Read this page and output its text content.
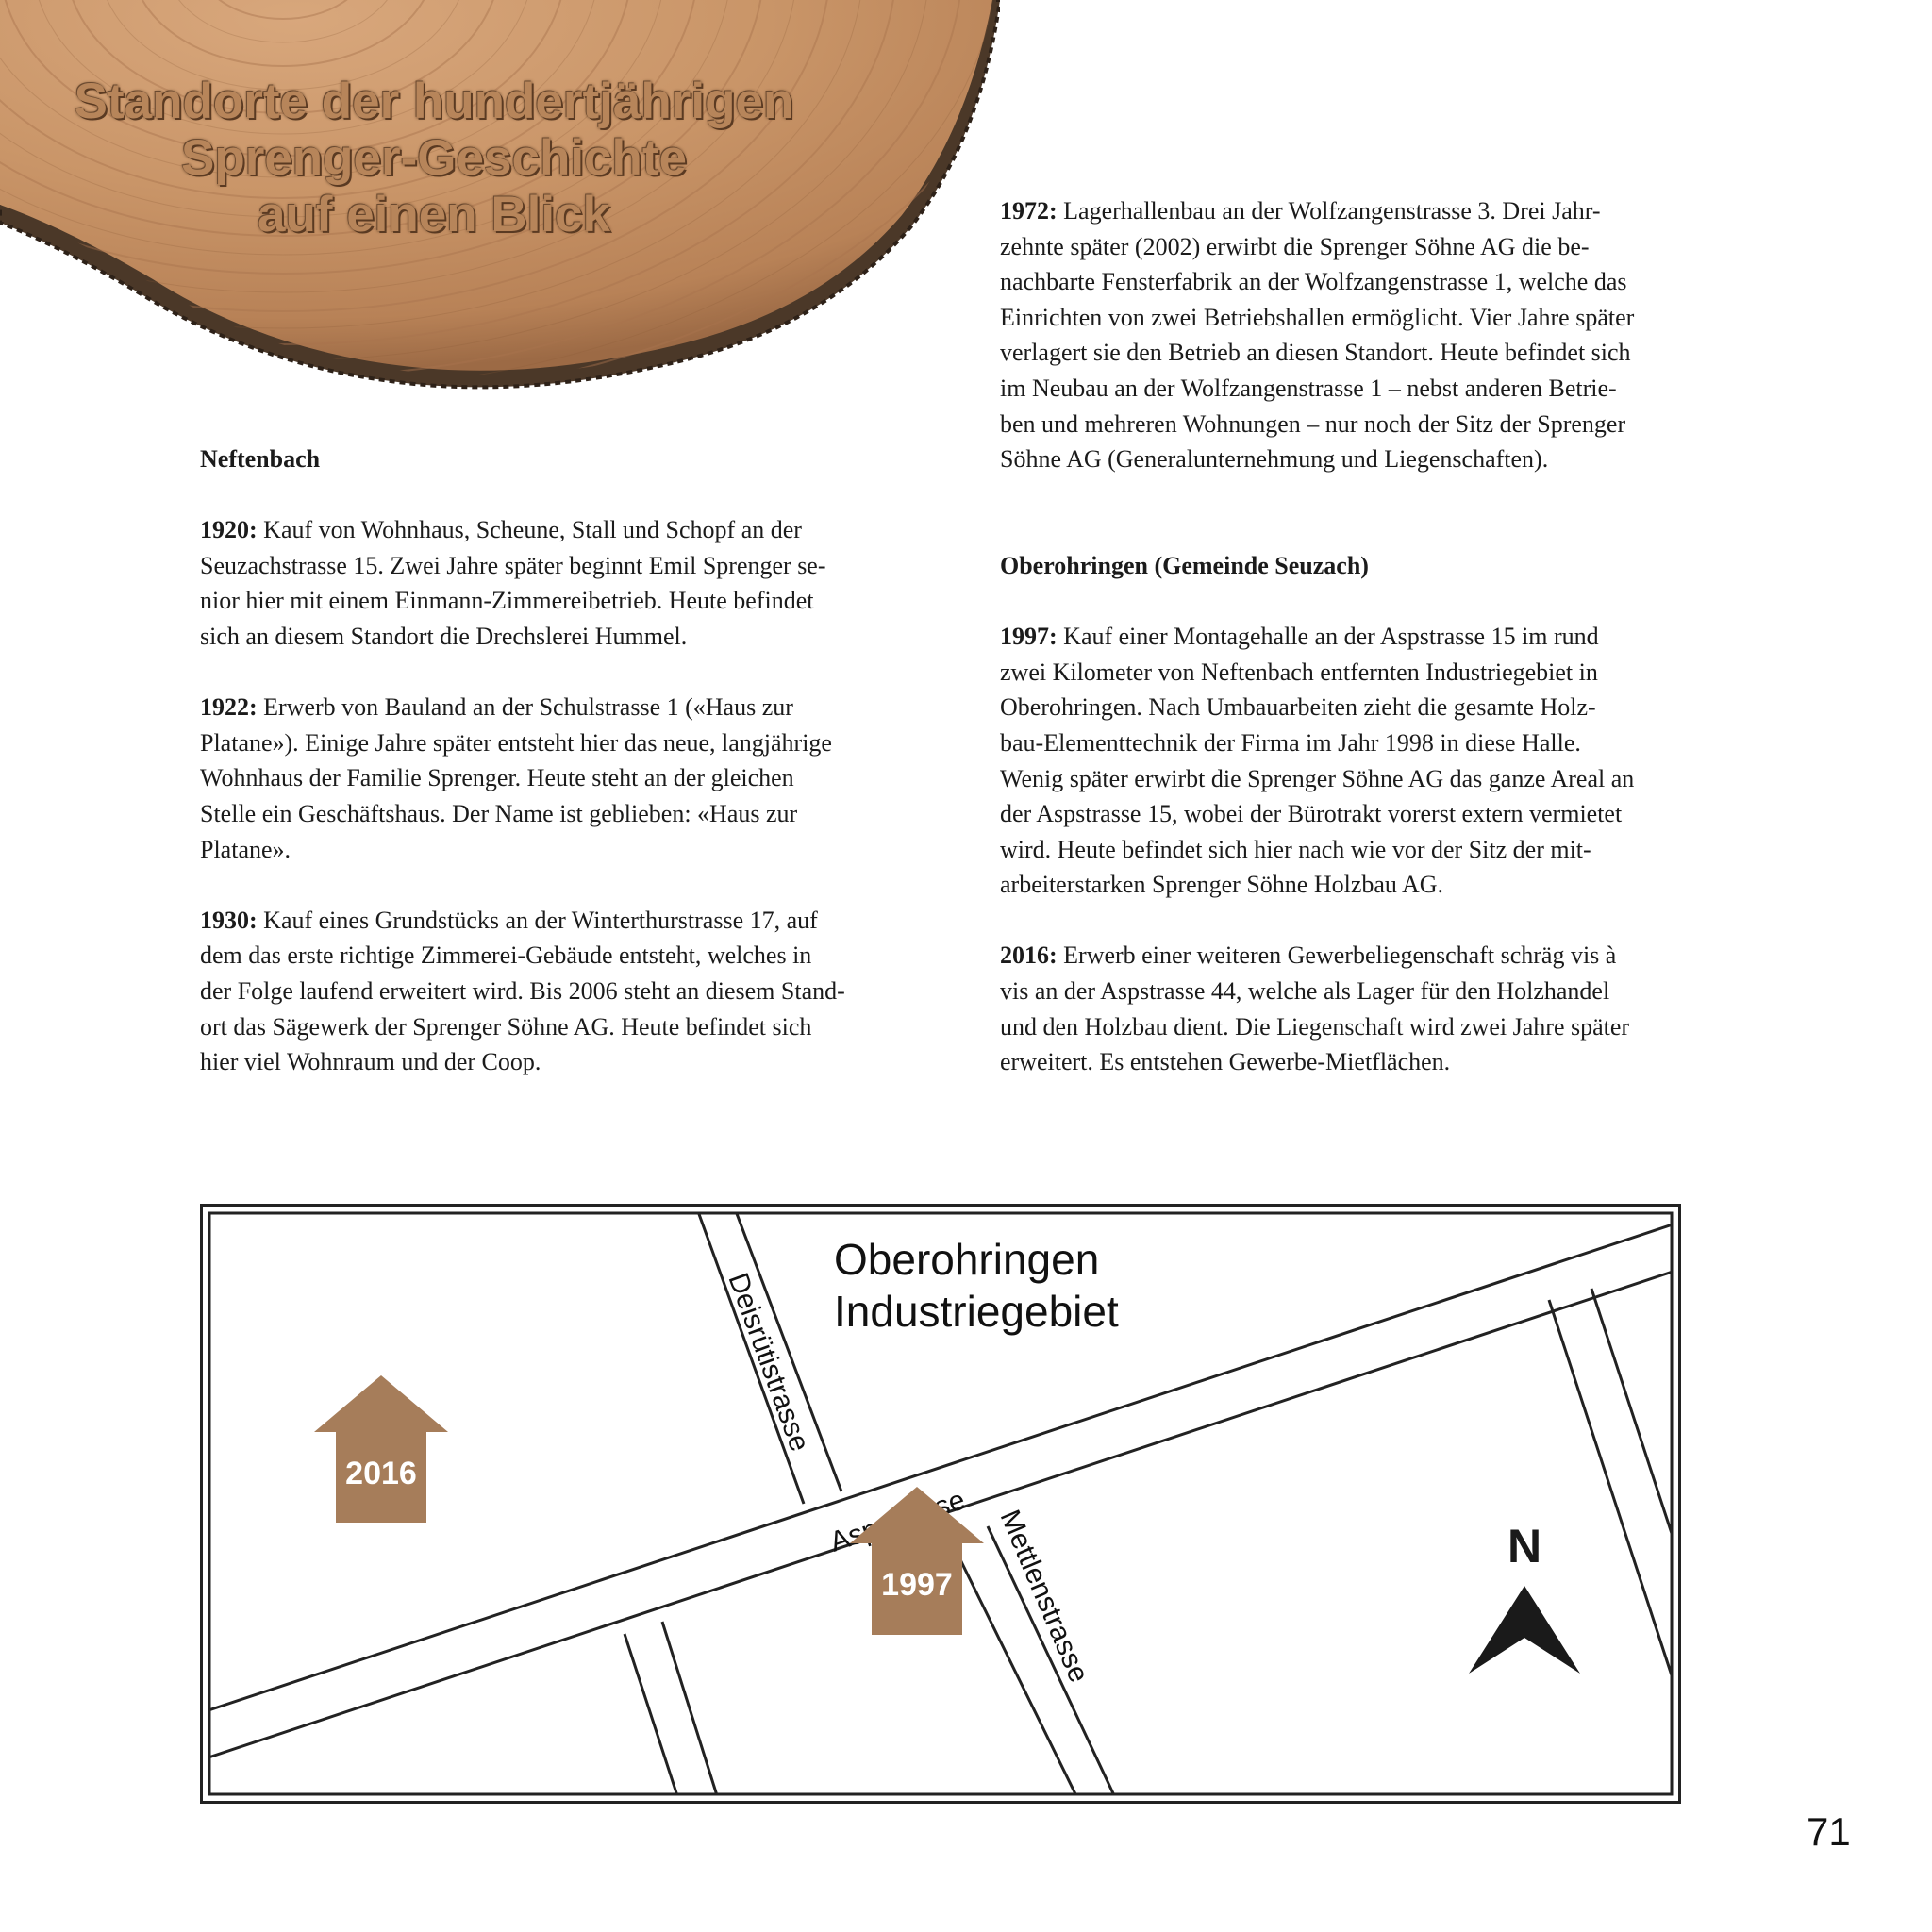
Standorte der hundertjährigen
Sprenger-Geschichte
auf einen Blick

Neftenbach

1920: Kauf von Wohnhaus, Scheune, Stall und Schopf an der
Seuzachstrasse 15. Zwei Jahre später beginnt Emil Sprenger se-
nior hier mit einem Einmann-Zimmereibetrieb. Heute befindet
sich an diesem Standort die Drechslerei Hummel.

1922: Erwerb von Bauland an der Schulstrasse 1 («Haus zur
Platane»). Einige Jahre später entsteht hier das neue, langjährige
Wohnhaus der Familie Sprenger. Heute steht an der gleichen
Stelle ein Geschäftshaus. Der Name ist geblieben: «Haus zur
Platane».

1930: Kauf eines Grundstücks an der Winterthurstrasse 17, auf
dem das erste richtige Zimmerei-Gebäude entsteht, welches in
der Folge laufend erweitert wird. Bis 2006 steht an diesem Stand-
ort das Sägewerk der Sprenger Söhne AG. Heute befindet sich
hier viel Wohnraum und der Coop.

1972: Lagerhallenbau an der Wolfzangenstrasse 3. Drei Jahr-
zehnte später (2002) erwirbt die Sprenger Söhne AG die be-
nachbarte Fensterfabrik an der Wolfzangenstrasse 1, welche das
Einrichten von zwei Betriebshallen ermöglicht. Vier Jahre später
verlagert sie den Betrieb an diesen Standort. Heute befindet sich
im Neubau an der Wolfzangenstrasse 1 – nebst anderen Betrie-
ben und mehreren Wohnungen – nur noch der Sitz der Sprenger
Söhne AG (Generalunternehmung und Liegenschaften).

Oberohringen (Gemeinde Seuzach)

1997: Kauf einer Montagehalle an der Aspstrasse 15 im rund
zwei Kilometer von Neftenbach entfernten Industriegebiet in
Oberohringen. Nach Umbauarbeiten zieht die gesamte Holz-
bau-Elementtechnik der Firma im Jahr 1998 in diese Halle.
Wenig später erwirbt die Sprenger Söhne AG das ganze Areal an
der Aspstrasse 15, wobei der Bürotrakt vorerst extern vermietet
wird. Heute befindet sich hier nach wie vor der Sitz der mit-
arbeiterstarken Sprenger Söhne Holzbau AG.

2016: Erwerb einer weiteren Gewerbeliegenschaft schräg vis à
vis an der Aspstrasse 44, welche als Lager für den Holzhandel
und den Holzbau dient. Die Liegenschaft wird zwei Jahre später
erweitert. Es entstehen Gewerbe-Mietflächen.

Oberohringen
Industriegebiet
Deisrütistrasse
Mettlenstrasse
2016
1997
N
71
